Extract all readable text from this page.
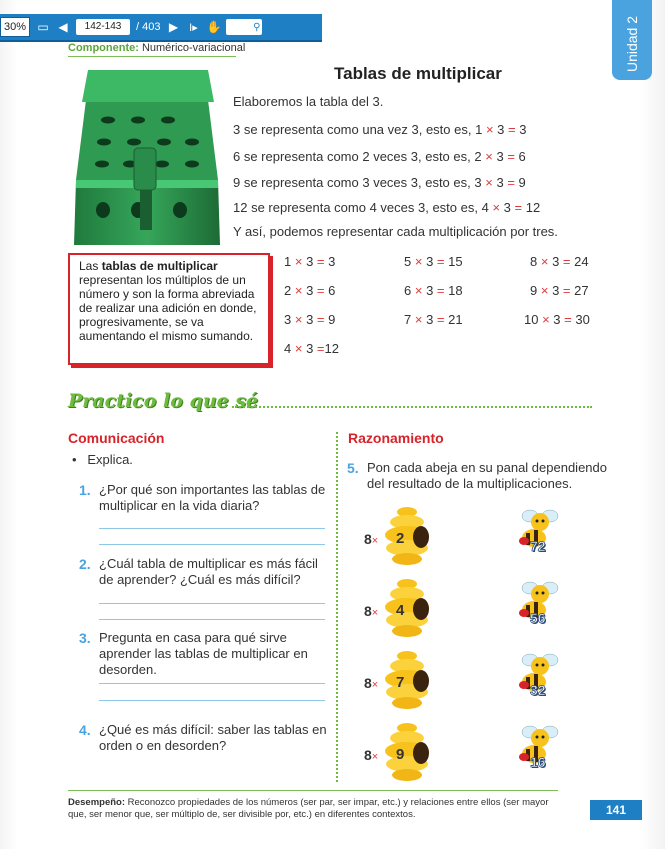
30% ▭ ◀	142-143	/ 403 ▶ I▸ ✋	⚲	Unidad 2
Componente: Numérico-variacional
Tablas de multiplicar
Elaboremos la tabla del 3.
3 se representa como una vez 3, esto es, 1 × 3 = 3
6 se representa como 2 veces 3, esto es, 2 × 3 = 6
9 se representa como 3 veces 3, esto es, 3 × 3 = 9
12 se representa como 4 veces 3, esto es, 4 × 3 = 12
Y así, podemos representar cada multiplicación por tres.
Las tablas de multiplicar representan los múltiplos de un número y son la forma abreviada de realizar una adición en donde, progresivamente, se va aumentando el mismo sumando.
1 × 3 = 3
2 × 3 = 6
3 × 3 = 9
4 × 3 =12
5 × 3 = 15
6 × 3 = 18
7 × 3 = 21
8 × 3 = 24
9 × 3 = 27
10 × 3 = 30
Practico lo que sé
Comunicación
•   Explica.
1. ¿Por qué son importantes las tablas de multiplicar en la vida diaria?
2. ¿Cuál tabla de multiplicar es más fácil de aprender? ¿Cuál es más difícil?
3. Pregunta en casa para qué sirve aprender las tablas de multiplicar en desorden.
4. ¿Qué es más difícil: saber las tablas en orden o en desorden?
Razonamiento
5. Pon cada abeja en su panal dependiendo del resultado de la multiplicaciones.
8× 2	72
8× 4	56
8× 7	32
8× 9	16
Desempeño: Reconozco propiedades de los números (ser par, ser impar, etc.) y relaciones entre ellos (ser mayor que, ser menor que, ser múltiplo de, ser divisible por, etc.) en diferentes contextos.	141
